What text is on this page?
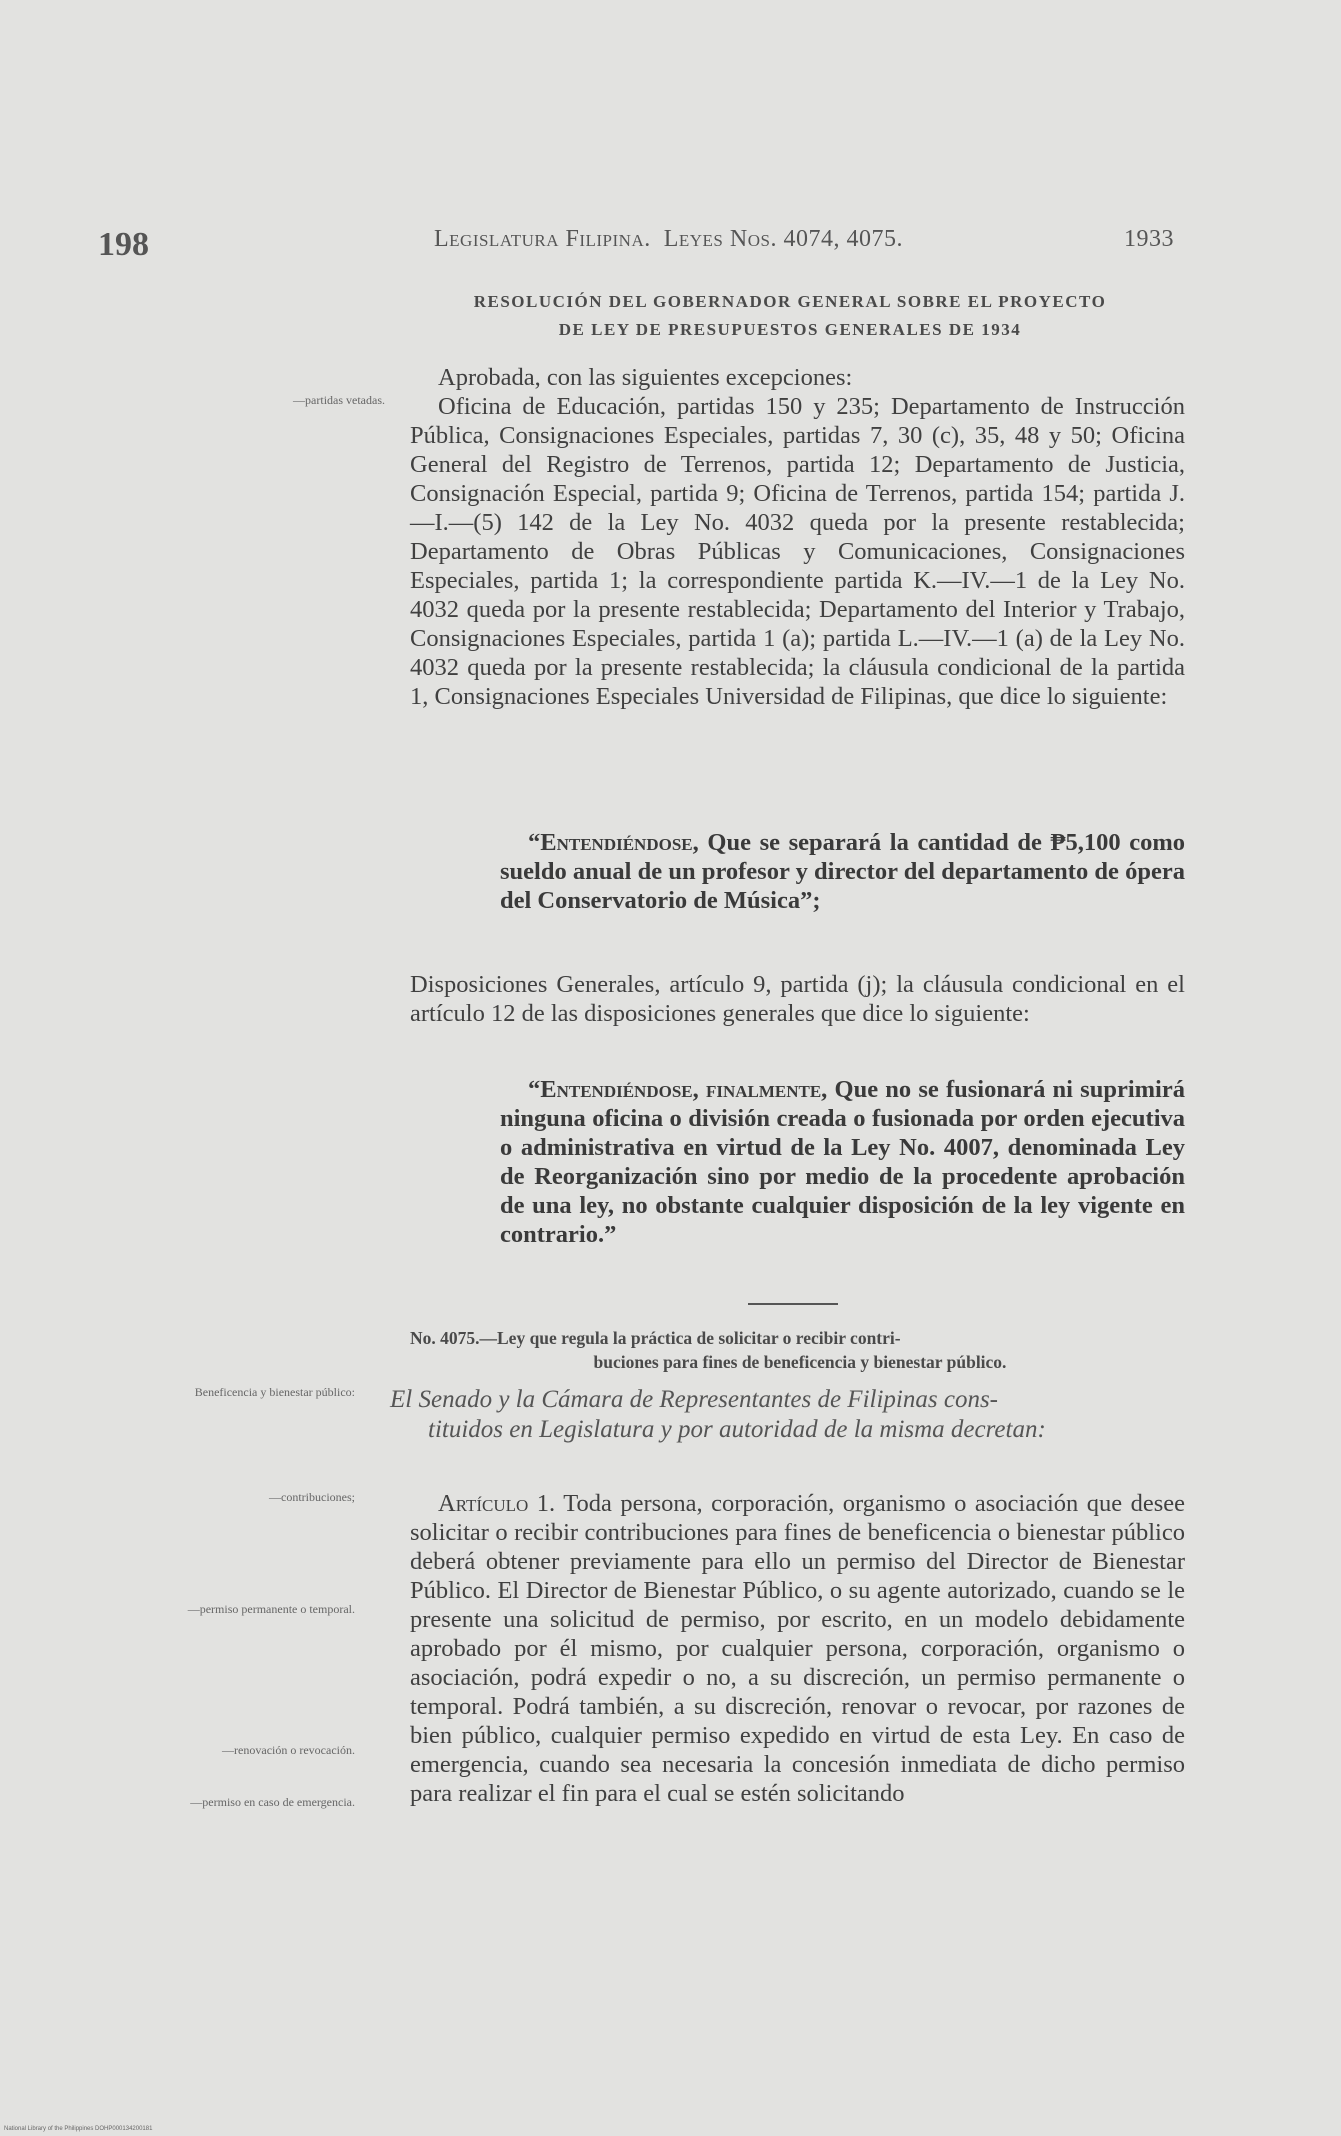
198	Legislatura Filipina. Leyes Nos. 4074, 4075.	1933
RESOLUCIÓN DEL GOBERNADOR GENERAL SOBRE EL PROYECTO
DE LEY DE PRESUPUESTOS GENERALES DE 1934
—partidas vetadas.

Aprobada, con las siguientes excepciones:

Oficina de Educación, partidas 150 y 235; Departamento de Instrucción Pública, Consignaciones Especiales, partidas 7, 30 (c), 35, 48 y 50; Oficina General del Registro de Terrenos, partida 12; Departamento de Justicia, Consignación Especial, partida 9; Oficina de Terrenos, partida 154; partida J.—I.—(5) 142 de la Ley No. 4032 queda por la presente restablecida; Departamento de Obras Públicas y Comunicaciones, Consignaciones Especiales, partida 1; la correspondiente partida K.—IV.—1 de la Ley No. 4032 queda por la presente restablecida; Departamento del Interior y Trabajo, Consignaciones Especiales, partida 1 (a); partida L.—IV.—1 (a) de la Ley No. 4032 queda por la presente restablecida; la cláusula condicional de la partida 1, Consignaciones Especiales Universidad de Filipinas, que dice lo siguiente:

“Entendiéndose, Que se separará la cantidad de ₱5,100 como sueldo anual de un profesor y director del departamento de ópera del Conservatorio de Música”;

Disposiciones Generales, artículo 9, partida (j); la cláusula condicional en el artículo 12 de las disposiciones generales que dice lo siguiente:

“Entendiéndose, finalmente, Que no se fusionará ni suprimirá ninguna oficina o división creada o fusionada por orden ejecutiva o administrativa en virtud de la Ley No. 4007, denominada Ley de Reorganización sino por medio de la procedente aprobación de una ley, no obstante cualquier disposición de la ley vigente en contrario.”

No. 4075.—Ley que regula la práctica de solicitar o recibir contri-
buciones para fines de beneficencia y bienestar público.
Beneficencia y bienestar público: El Senado y la Cámara de Representantes de Filipinas cons-
tituidos en Legislatura y por autoridad de la misma decretan:
—contribuciones;
—permiso permanente o temporal.
—renovación o revocación.
—permiso en caso de emergencia.

Artículo 1. Toda persona, corporación, organismo o asociación que desee solicitar o recibir contribuciones para fines de beneficencia o bienestar público deberá obtener previamente para ello un permiso del Director de Bienestar Público. El Director de Bienestar Público, o su agente autorizado, cuando se le presente una solicitud de permiso, por escrito, en un modelo debidamente aprobado por él mismo, por cualquier persona, corporación, organismo o asociación, podrá expedir o no, a su discreción, un permiso permanente o temporal. Podrá también, a su discreción, renovar o revocar, por razones de bien público, cualquier permiso expedido en virtud de esta Ley. En caso de emergencia, cuando sea necesaria la concesión inmediata de dicho permiso para realizar el fin para el cual se estén solicitando

National Library of the Philippines DOHP000134200181
